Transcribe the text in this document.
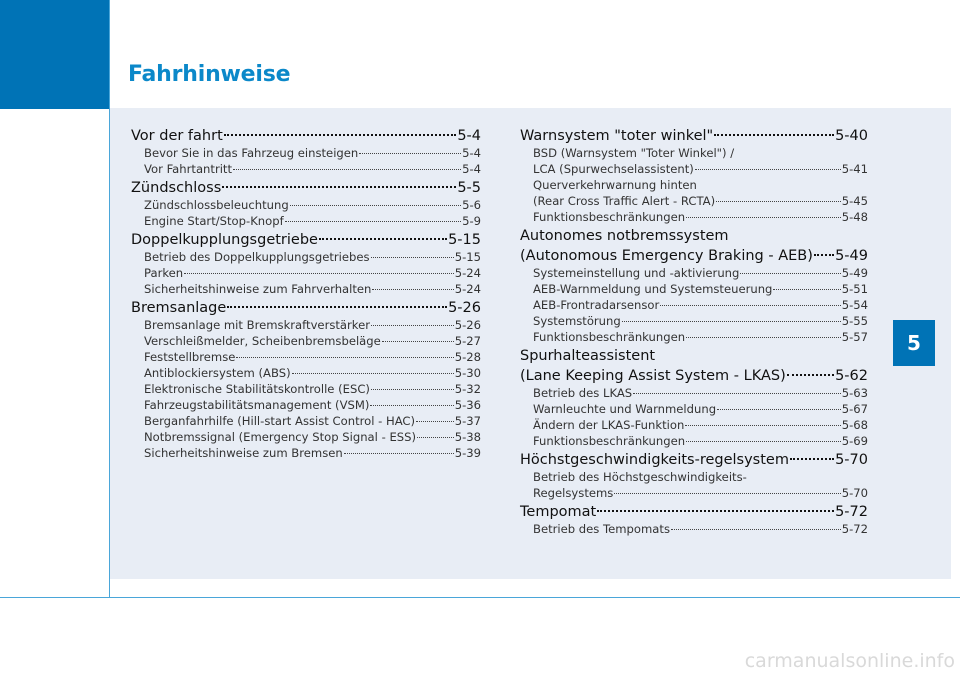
Fahrhinweise
5
Vor der fahrt	5-4
Bevor Sie in das Fahrzeug einsteigen	5-4
Vor Fahrtantritt	5-4
Zündschloss	5-5
Zündschlossbeleuchtung	5-6
Engine Start/Stop-Knopf	5-9
Doppelkupplungsgetriebe	5-15
Betrieb des Doppelkupplungsgetriebes	5-15
Parken	5-24
Sicherheitshinweise zum Fahrverhalten	5-24
Bremsanlage	5-26
Bremsanlage mit Bremskraftverstärker	5-26
Verschleißmelder, Scheibenbremsbeläge	5-27
Feststellbremse	5-28
Antiblockiersystem (ABS)	5-30
Elektronische Stabilitätskontrolle (ESC)	5-32
Fahrzeugstabilitätsmanagement (VSM)	5-36
Berganfahrhilfe (Hill-start Assist Control - HAC)	5-37
Notbremssignal (Emergency Stop Signal - ESS)	5-38
Sicherheitshinweise zum Bremsen	5-39
Warnsystem "toter winkel"	5-40
BSD (Warnsystem "Toter Winkel") /
LCA (Spurwechselassistent)	5-41
Querverkehrwarnung hinten
(Rear Cross Traffic Alert - RCTA)	5-45
Funktionsbeschränkungen	5-48
Autonomes notbremssystem
(Autonomous Emergency Braking - AEB) 5-49
Systemeinstellung und -aktivierung	5-49
AEB-Warnmeldung und Systemsteuerung	5-51
AEB-Frontradarsensor	5-54
Systemstörung	5-55
Funktionsbeschränkungen	5-57
Spurhalteassistent
(Lane Keeping Assist System - LKAS)	5-62
Betrieb des LKAS	5-63
Warnleuchte und Warnmeldung	5-67
Ändern der LKAS-Funktion	5-68
Funktionsbeschränkungen	5-69
Höchstgeschwindigkeits-regelsystem	5-70
Betrieb des Höchstgeschwindigkeits-
Regelsystems	5-70
Tempomat	5-72
Betrieb des Tempomats	5-72
carmanualsonline.info
